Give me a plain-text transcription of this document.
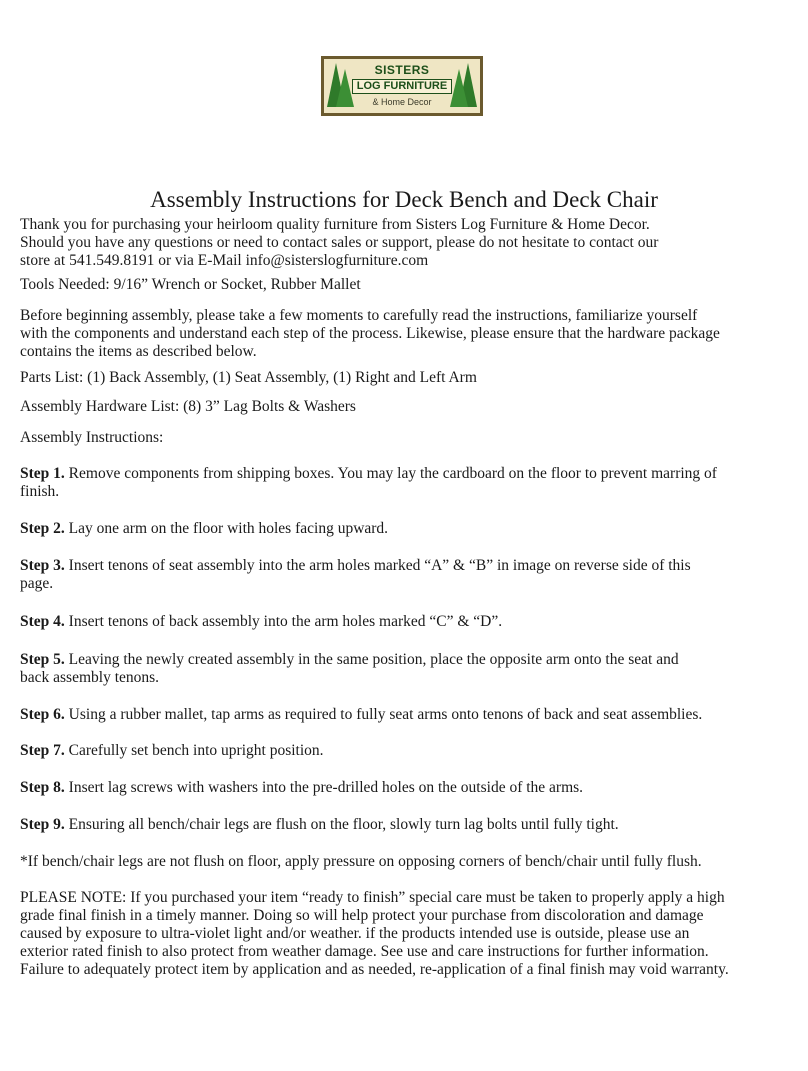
SISTERS
LOG FURNITURE
& Home Decor
Assembly Instructions for Deck Bench and Deck Chair
Thank you for purchasing your heirloom quality furniture from Sisters Log Furniture & Home Decor.
Should you have any questions or need to contact sales or support, please do not hesitate to contact our
store at 541.549.8191 or via E-Mail info@sisterslogfurniture.com
Tools Needed: 9/16” Wrench or Socket, Rubber Mallet
Before beginning assembly, please take a few moments to carefully read the instructions, familiarize yourself
with the components and understand each step of the process. Likewise, please ensure that the hardware package
contains the items as described below.
Parts List: (1) Back Assembly, (1) Seat Assembly, (1) Right and Left Arm
Assembly Hardware List: (8) 3” Lag Bolts & Washers
Assembly Instructions:
Step 1. Remove components from shipping boxes. You may lay the cardboard on the floor to prevent marring of
finish.
Step 2. Lay one arm on the floor with holes facing upward.
Step 3. Insert tenons of seat assembly into the arm holes marked “A” & “B” in image on reverse side of this
page.
Step 4. Insert tenons of back assembly into the arm holes marked “C” & “D”.
Step 5. Leaving the newly created assembly in the same position, place the opposite arm onto the seat and
back assembly tenons.
Step 6. Using a rubber mallet, tap arms as required to fully seat arms onto tenons of back and seat assemblies.
Step 7. Carefully set bench into upright position.
Step 8. Insert lag screws with washers into the pre-drilled holes on the outside of the arms.
Step 9. Ensuring all bench/chair legs are flush on the floor, slowly turn lag bolts until fully tight.
*If bench/chair legs are not flush on floor, apply pressure on opposing corners of bench/chair until fully flush.
PLEASE NOTE: If you purchased your item “ready to finish” special care must be taken to properly apply a high
grade final finish in a timely manner. Doing so will help protect your purchase from discoloration and damage
caused by exposure to ultra-violet light and/or weather. if the products intended use is outside, please use an
exterior rated finish to also protect from weather damage. See use and care instructions for further information.
Failure to adequately protect item by application and as needed, re-application of a final finish may void warranty.
